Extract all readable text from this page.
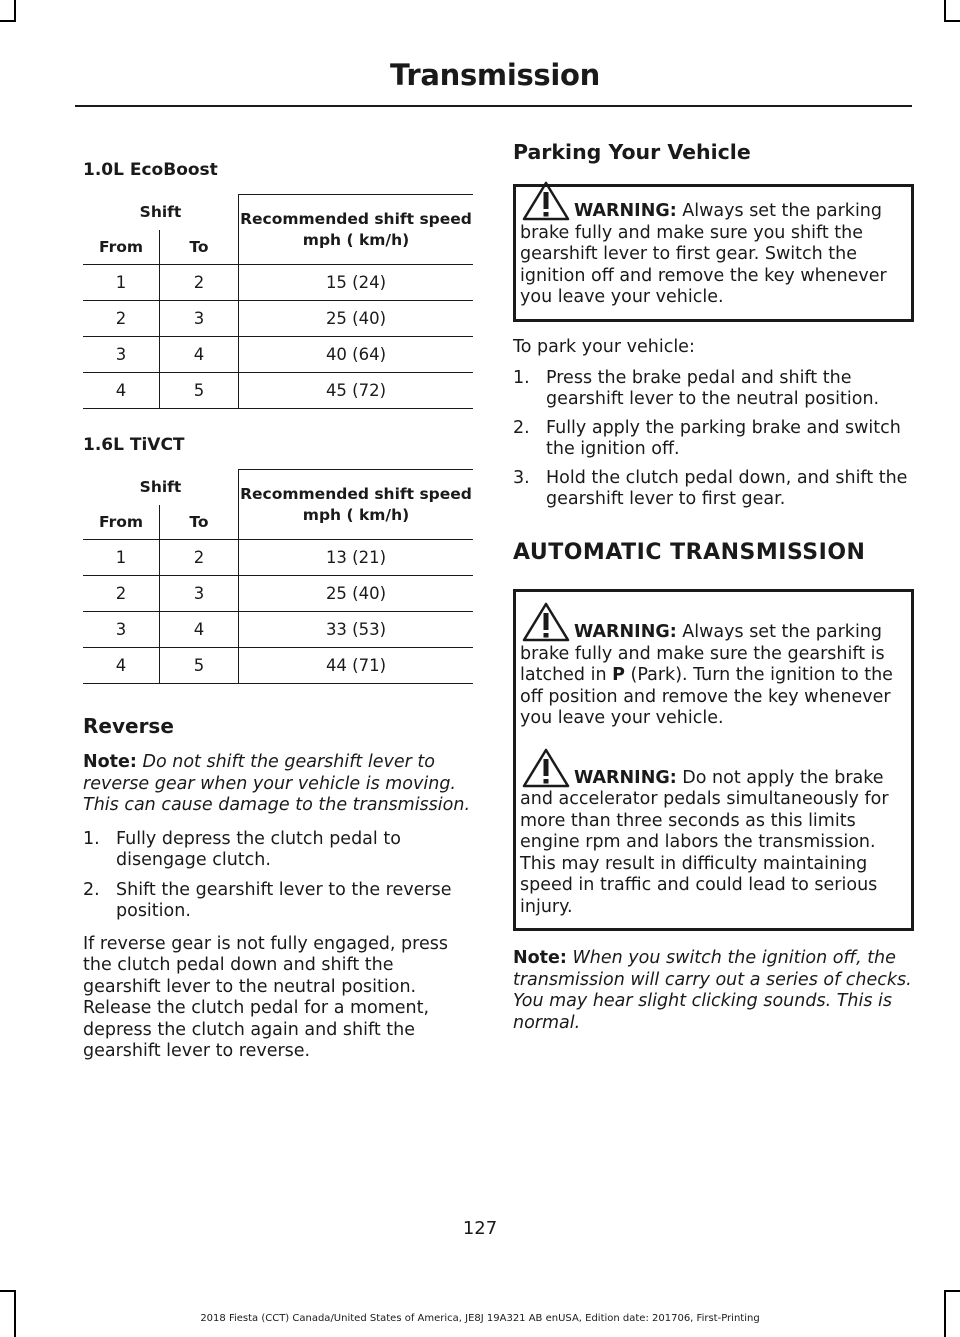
Transmission
1.0L EcoBoost
Shift		Recommended shift speed mph ( km/h)
From	To	
1	2	15 (24)
2	3	25 (40)
3	4	40 (64)
4	5	45 (72)
1.6L TiVCT
Shift		Recommended shift speed mph ( km/h)
From	To	
1	2	13 (21)
2	3	25 (40)
3	4	33 (53)
4	5	44 (71)
Reverse

Note: Do not shift the gearshift lever to reverse gear when your vehicle is moving. This can cause damage to the transmission.

1. Fully depress the clutch pedal to disengage clutch.
2. Shift the gearshift lever to the reverse position.

If reverse gear is not fully engaged, press the clutch pedal down and shift the gearshift lever to the neutral position. Release the clutch pedal for a moment, depress the clutch again and shift the gearshift lever to reverse.

Parking Your Vehicle
WARNING: Always set the parking brake fully and make sure you shift the gearshift lever to first gear. Switch the ignition off and remove the key whenever you leave your vehicle.

To park your vehicle:

1. Press the brake pedal and shift the gearshift lever to the neutral position.
2. Fully apply the parking brake and switch the ignition off.
3. Hold the clutch pedal down, and shift the gearshift lever to first gear.
AUTOMATIC TRANSMISSION
WARNING: Always set the parking brake fully and make sure the gearshift is latched in P (Park). Turn the ignition to the off position and remove the key whenever you leave your vehicle.
WARNING: Do not apply the brake and accelerator pedals simultaneously for more than three seconds as this limits engine rpm and labors the transmission. This may result in difficulty maintaining speed in traffic and could lead to serious injury.

Note: When you switch the ignition off, the transmission will carry out a series of checks. You may hear slight clicking sounds. This is normal.

127
2018 Fiesta (CCT) Canada/United States of America, JE8J 19A321 AB enUSA, Edition date: 201706, First-Printing
